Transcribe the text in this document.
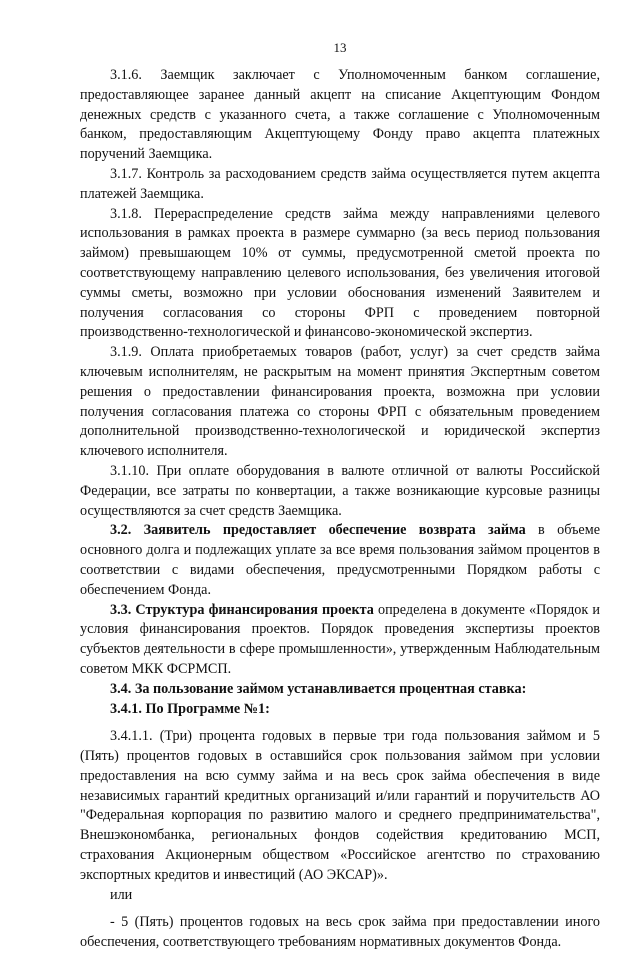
13

3.1.6. Заемщик заключает с Уполномоченным банком соглашение, предоставляющее заранее данный акцепт на списание Акцептующим Фондом денежных средств с указанного счета, а также соглашение с Уполномоченным банком, предоставляющим Акцептующему Фонду право акцепта платежных поручений Заемщика.

3.1.7. Контроль за расходованием средств займа осуществляется путем акцепта платежей Заемщика.

3.1.8. Перераспределение средств займа между направлениями целевого использования в рамках проекта в размере суммарно (за весь период пользования займом) превышающем 10% от суммы, предусмотренной сметой проекта по соответствующему направлению целевого использования, без увеличения итоговой суммы сметы, возможно при условии обоснования изменений Заявителем и получения согласования со стороны ФРП с проведением повторной производственно-технологической и финансово-экономической экспертиз.

3.1.9. Оплата приобретаемых товаров (работ, услуг) за счет средств займа ключевым исполнителям, не раскрытым на момент принятия Экспертным советом решения о предоставлении финансирования проекта, возможна при условии получения согласования платежа со стороны ФРП с обязательным проведением дополнительной производственно-технологической и юридической экспертиз ключевого исполнителя.

3.1.10. При оплате оборудования в валюте отличной от валюты Российской Федерации, все затраты по конвертации, а также возникающие курсовые разницы осуществляются за счет средств Заемщика.

3.2. Заявитель предоставляет обеспечение возврата займа в объеме основного долга и подлежащих уплате за все время пользования займом процентов в соответствии с видами обеспечения, предусмотренными Порядком работы с обеспечением Фонда.

3.3. Структура финансирования проекта определена в документе «Порядок и условия финансирования проектов. Порядок проведения экспертизы проектов субъектов деятельности в сфере промышленности», утвержденным Наблюдательным советом МКК ФСРМСП.

3.4. За пользование займом устанавливается процентная ставка:

3.4.1. По Программе №1:

3.4.1.1. (Три) процента годовых в первые три года пользования займом и 5 (Пять) процентов годовых в оставшийся срок пользования займом при условии предоставления на всю сумму займа и на весь срок займа обеспечения в виде независимых гарантий кредитных организаций и/или гарантий и поручительств АО "Федеральная корпорация по развитию малого и среднего предпринимательства", Внешэкономбанка, региональных фондов содействия кредитованию МСП, страхования Акционерным обществом «Российское агентство по страхованию экспортных кредитов и инвестиций (АО ЭКСАР)».

или

- 5 (Пять) процентов годовых на весь срок займа при предоставлении иного обеспечения, соответствующего требованиям нормативных документов Фонда.
